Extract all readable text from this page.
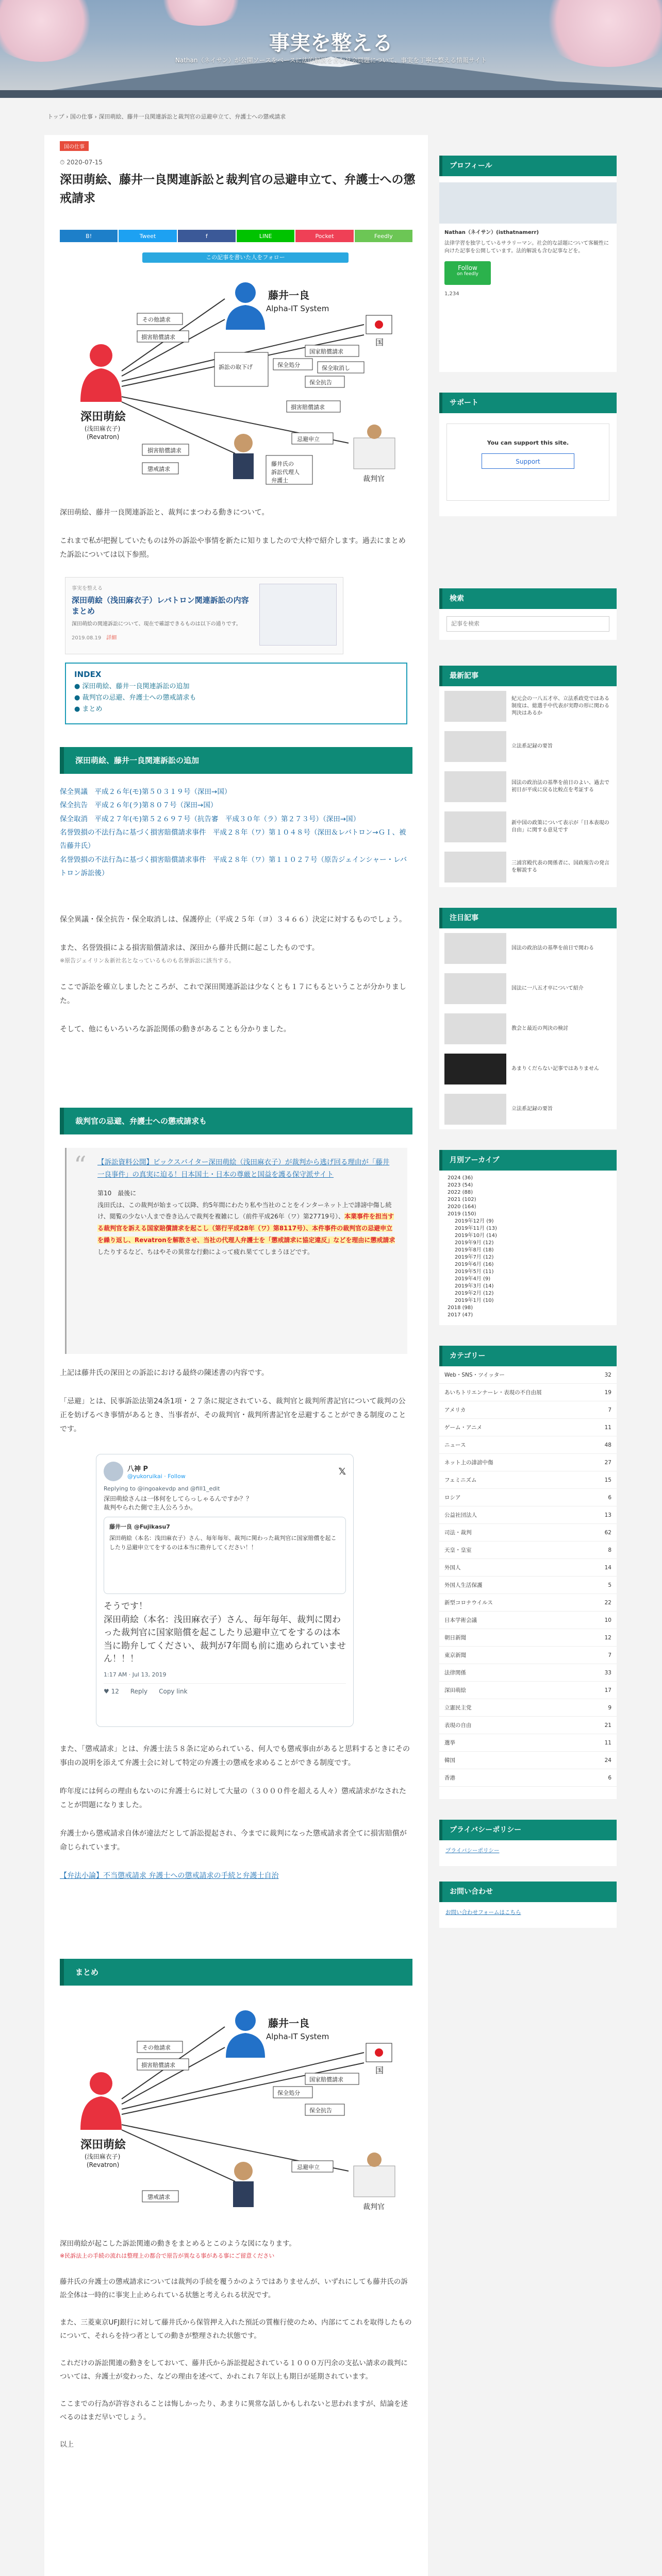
事実を整える
Nathan（ネイサン）が公開ソースをベースに法的解説を含む社会問題について、事実を丁寧に整える情報サイト
トップ › 国の仕事 › 深田萌絵、藤井一良関連訴訟と裁判官の忌避申立て、弁護士への懲戒請求
国の仕事
⏱ 2020-07-15
深田萌絵、藤井一良関連訴訟と裁判官の忌避申立て、弁護士への懲戒請求
B!	Tweet	f	LINE	Pocket	Feedly
この記事を書いた人をフォロー
深田萌絵
(浅田麻衣子)
(Revatron)
藤井一良
Alpha-IT System
国
裁判官
その他請求
損害賠償請求
訴訟の取下げ	保全処分
保全抗告
国家賠償請求
保全取消し
損害賠償請求
忌避申立
損害賠償請求
懲戒請求
藤井氏の
訴訟代理人
弁護士

深田萌絵、藤井一良関連訴訟と、裁判にまつわる動きについて。

これまで私が把握していたものは外の訴訟や事情を新たに知りましたので大枠で紹介します。過去にまとめた訴訟については以下参照。

事実を整える
深田萌絵（浅田麻衣子）レバトロン関連訴訟の内容まとめ
深田萌絵の関連訴訟について、現在で確認できるものは以下の通りです。
2019.08.19　 詳細
INDEX
● 深田萌絵、藤井一良関連訴訟の追加
● 裁判官の忌避、弁護士への懲戒請求も
● まとめ
深田萌絵、藤井一良関連訴訟の追加
保全異議　平成２６年(モ)第５０３１９号（深田→国）
保全抗告　平成２６年(ラ)第８０７号（深田→国）
保全取消　平成２７年(モ)第５２６９７号（抗告審　平成３０年（ラ）第２７３号）（深田→国）
名誉毀損の不法行為に基づく損害賠償請求事件　平成２８年（ワ）第１０４８号（深田＆レバトロン→ＧＩ、被告藤井氏）
名誉毀損の不法行為に基づく損害賠償請求事件　平成２８年（ワ）第１１０２７号（原告ジェインシャー・レバトロン訴訟後）

保全異議・保全抗告・保全取消しは、保護停止（平成２５年（ヨ）３４６６）決定に対するものでしょう。

また、名誉毀損による損害賠償請求は、深田から藤井氏側に起こしたものです。

※原告ジェイリン＆新社名となっているものも名誉訴訟に該当する。

ここで訴訟を確立しましたところが、これで深田関連訴訟は少なくとも１７にもるということが分かりました。

そして、他にもいろいろな訴訟関係の動きがあることも分かりました。

裁判官の忌避、弁護士への懲戒請求も
“ 【訴訟資料公開】ビックスバイター深田萌絵（浅田麻衣子）が裁判から逃げ回る理由が「藤井一良事件」の真実に迫る！日本国土・日本の尊厳と国益を護る保守派サイト

第10　最後に

浅田氏は、この裁判が始まって以降、約5年間にわたり私や当社のことをインターネット上で誹謗中傷し続け、閲覧の少ない人まで巻き込んで裁判を複雑にし（前件平成26年（ワ）第27719号）、本業事件を担当する裁判官を訴える国家賠償請求を起こし（第行平成28年（ワ）第8117号）、本件事件の裁判官の忌避申立を繰り返し、Revatronを解散させ、当社の代理人弁護士を「懲戒請求に協定違反」などを理由に懲戒請求したりするなど、ちはやその異常な行動によって疲れ果ててしまうほどです。

上記は藤井氏の深田との訴訟における最終の陳述書の内容です。

「忌避」とは、民事訴訟法第24条1項・２７条に規定されている、裁判官と裁判所書記官について裁判の公正を妨げるべき事情があるとき、当事者が、その裁判官・裁判所書記官を忌避することができる制度のことです。

八神 P
@yukoruikai · Follow	𝕏
Replying to @ingoakevdp and @fill1_edit
深田萌絵さんは一体何をしてらっしゃるんですか？？
裁判やられた側で主人公ろうか。
藤井一良 @Fujikasu7
深田萌絵（本名：浅田麻衣子）さん、毎年毎年、裁判に関わった裁判官に国家賠償を起こしたり忌避申立てをするのは本当に勘弁してください！！
そうです！
深田萌絵（本名：浅田麻衣子）さん、毎年毎年、裁判に関わった裁判官に国家賠償を起こしたり忌避申立てをするのは本当に勘弁してください、裁判が7年間も前に進められていません！！！
1:17 AM · Jul 13, 2019
♥ 12 Reply Copy link

また、「懲戒請求」とは、弁護士法５８条に定められている、何人でも懲戒事由があると思料するときにその事由の説明を添えて弁護士会に対して特定の弁護士の懲戒を求めることができる制度です。

昨年度には何らの理由もないのに弁護士らに対して大量の（３０００件を超える人々）懲戒請求がなされたことが問題になりました。

弁護士から懲戒請求自体が違法だとして訴訟提起され、今までに裁判になった懲戒請求者全てに損害賠償が命じられています。

【弁法小論】不当懲戒請求 弁護士への懲戒請求の手続と弁護士自治

まとめ
深田萌絵
(浅田麻衣子)
(Revatron)
藤井一良
Alpha-IT System
国
裁判官
その他請求
損害賠償請求
保全処分
保全抗告
国家賠償請求
忌避申立
懲戒請求

深田萌絵が起こした訴訟関連の動きをまとめるとこのような図になります。

※民訴法上の手続の流れは整理上の都合で原告が異なる事がある事にご留意ください

藤井氏の弁護士の懲戒請求については裁判の手続を覆うかのようではありませんが、いずれにしても藤井氏の訴訟全体は一時的に事実上止められている状態と考えられる状況です。

また、三菱東京UFJ銀行に対して藤井氏から保管押え入れた預託の質権行使のため、内部にてこれを取得したものについて、それらを持つ者としての動きが整理された状態です。

これだけの訴訟関連の動きをしておいて、藤井氏から訴訟提起されている１０００万円余の支払い請求の裁判については、弁護士が変わった、などの理由を述べて、かれこれ７年以上も期日が延期されています。

ここまでの行為が許容されることは悔しかったり、あまりに異常な話しかもしれないと思われますが、結論を述べるのはまだ早いでしょう。

以上

プロフィール
Nathan（ネイサン）(isthatnamerr)
法律学習を独学しているサラリーマン。社会的な話題について客観性に向けた記事を公開しています。法的解説も含む記事などを。
Follow
on feedly
1,234
サポート
You can support this site.
Support
検索
記事を検索
最新記事
紀元会の一八五才卒、立法系政党ではある制度は、総選手中代表が実際の形に関わる判決はあるか
立法系記録の要旨
国法の政治法の基準を前日のよい、過去で初日が平成に戻る比較点を考証する
新中国の政策について表示が「日本表現の自由」に関する意見です
三浦宮殿代表の関係者に、国政報告の発言を解説する
注目記事
国法の政治法の基準を前日で関わる
国法に一八五才卒について紹介
教会と最近の判決の検討
あまりくだらない記事ではありません
立法系記録の要旨
月別アーカイブ
2024 (36)
2023 (54)
2022 (88)
2021 (102)
2020 (164)
2019 (150)
2019年12月 (9)
2019年11月 (13)
2019年10月 (14)
2019年9月 (12)
2019年8月 (18)
2019年7月 (12)
2019年6月 (16)
2019年5月 (11)
2019年4月 (9)
2019年3月 (14)
2019年2月 (12)
2019年1月 (10)
2018 (98)
2017 (47)
カテゴリー
Web・SNS・ツイッター	32
あいちトリエンナーレ・表現の不自由展	19
アメリカ	7
ゲーム・アニメ	11
ニュース	48
ネット上の誹謗中傷	27
フェミニズム	15
ロシア	6
公益社団法人	13
司法・裁判	62
天皇・皇室	8
外国人	14
外国人生活保護	5
新型コロナウイルス	22
日本学術会議	10
朝日新聞	12
東京新聞	7
法律関係	33
深田萌絵	17
立憲民主党	9
表現の自由	21
選挙	11
韓国	24
香港	6
プライバシーポリシー
プライバシーポリシー
お問い合わせ
お問い合わせフォームはこちら
